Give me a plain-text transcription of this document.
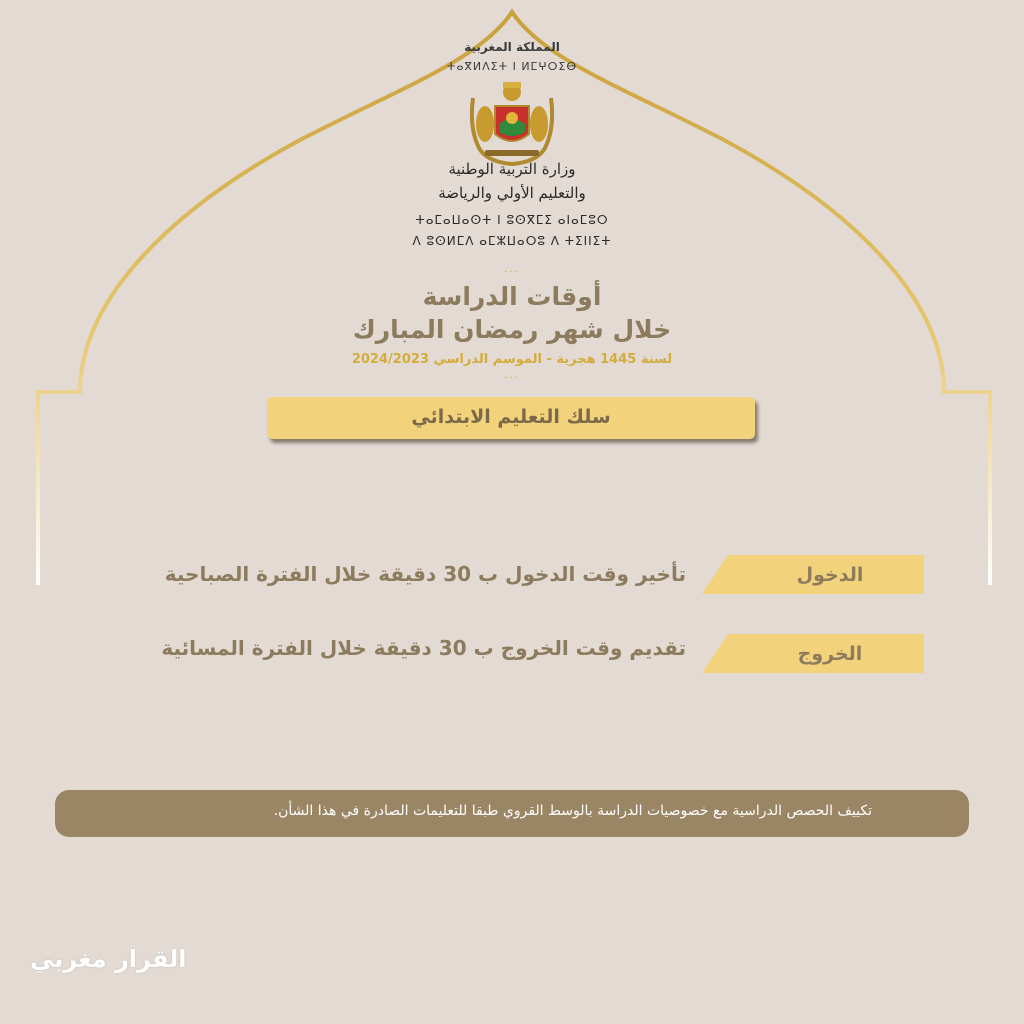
المملكة المغربية
ⵜⴰⴳⵍⴷⵉⵜ ⵏ ⵍⵎⵖⵔⵉⴱ
وزارة التربية الوطنية
والتعليم الأولي والرياضة
ⵜⴰⵎⴰⵡⴰⵙⵜ ⵏ ⵓⵙⴳⵎⵉ ⴰⵏⴰⵎⵓⵔ
ⴷ ⵓⵙⵍⵎⴷ ⴰⵎⵣⵡⴰⵔⵓ ⴷ ⵜⵉⵏⵏⵉⵜ
...
أوقات الدراسة
خلال شهر رمضان المبارك
لسنة 1445 هجرية - الموسم الدراسي 2024/2023
...
سلك التعليم الابتدائي
الدخول
تأخير وقت الدخول ب 30 دقيقة خلال الفترة الصباحية
الخروج
تقديم وقت الخروج ب 30 دقيقة خلال الفترة المسائية
تكييف الحصص الدراسية مع خصوصيات الدراسة بالوسط القروي طبقا للتعليمات الصادرة في هذا الشأن.
القرار مغربي
